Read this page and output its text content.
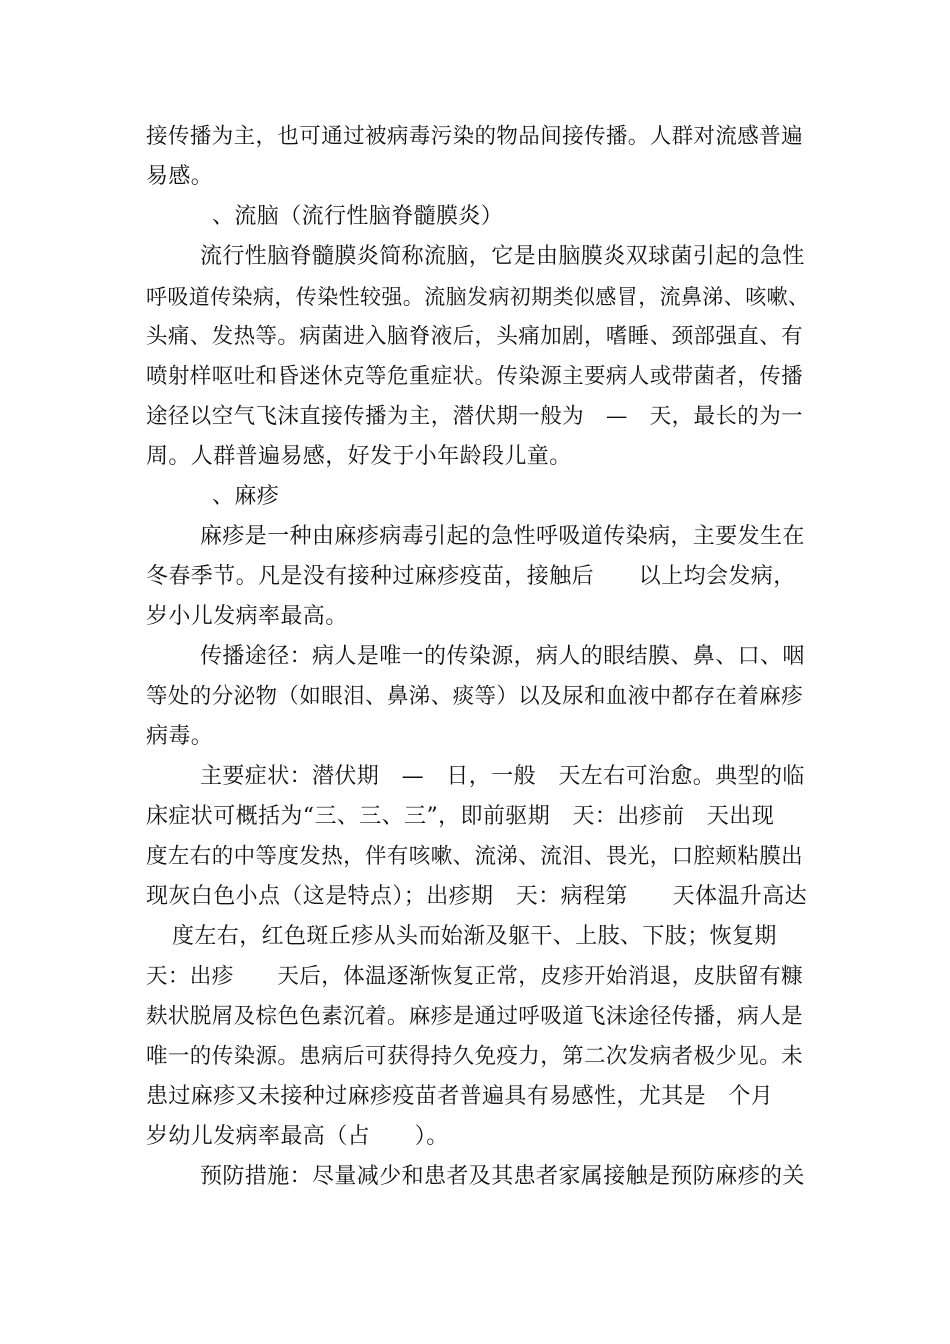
接传播为主，也可通过被病毒污染的物品间接传播。人群对流感普遍
易感。
、流脑（流行性脑脊髓膜炎）
流行性脑脊髓膜炎简称流脑，它是由脑膜炎双球菌引起的急性
呼吸道传染病，传染性较强。流脑发病初期类似感冒，流鼻涕、咳嗽、
头痛、发热等。病菌进入脑脊液后，头痛加剧，嗜睡、颈部强直、有
喷射样呕吐和昏迷休克等危重症状。传染源主要病人或带菌者，传播
途径以空气飞沫直接传播为主，潜伏期一般为　—　天，最长的为一
周。人群普遍易感，好发于小年龄段儿童。
、麻疹
麻疹是一种由麻疹病毒引起的急性呼吸道传染病，主要发生在
冬春季节。凡是没有接种过麻疹疫苗，接触后　　以上均会发病，
岁小儿发病率最高。
传播途径：病人是唯一的传染源，病人的眼结膜、鼻、口、咽
等处的分泌物（如眼泪、鼻涕、痰等）以及尿和血液中都存在着麻疹
病毒。
主要症状：潜伏期　—　日，一般　天左右可治愈。典型的临
床症状可概括为“三、三、三”，即前驱期　天：出疹前　天出现
度左右的中等度发热，伴有咳嗽、流涕、流泪、畏光，口腔颊粘膜出
现灰白色小点（这是特点）；出疹期　天：病程第　　天体温升高达
度左右，红色斑丘疹从头而始渐及躯干、上肢、下肢；恢复期
天：出疹　　天后，体温逐渐恢复正常，皮疹开始消退，皮肤留有糠
麸状脱屑及棕色色素沉着。麻疹是通过呼吸道飞沫途径传播，病人是
唯一的传染源。患病后可获得持久免疫力，第二次发病者极少见。未
患过麻疹又未接种过麻疹疫苗者普遍具有易感性，尤其是　个月
岁幼儿发病率最高（占　　）。
预防措施：尽量减少和患者及其患者家属接触是预防麻疹的关
